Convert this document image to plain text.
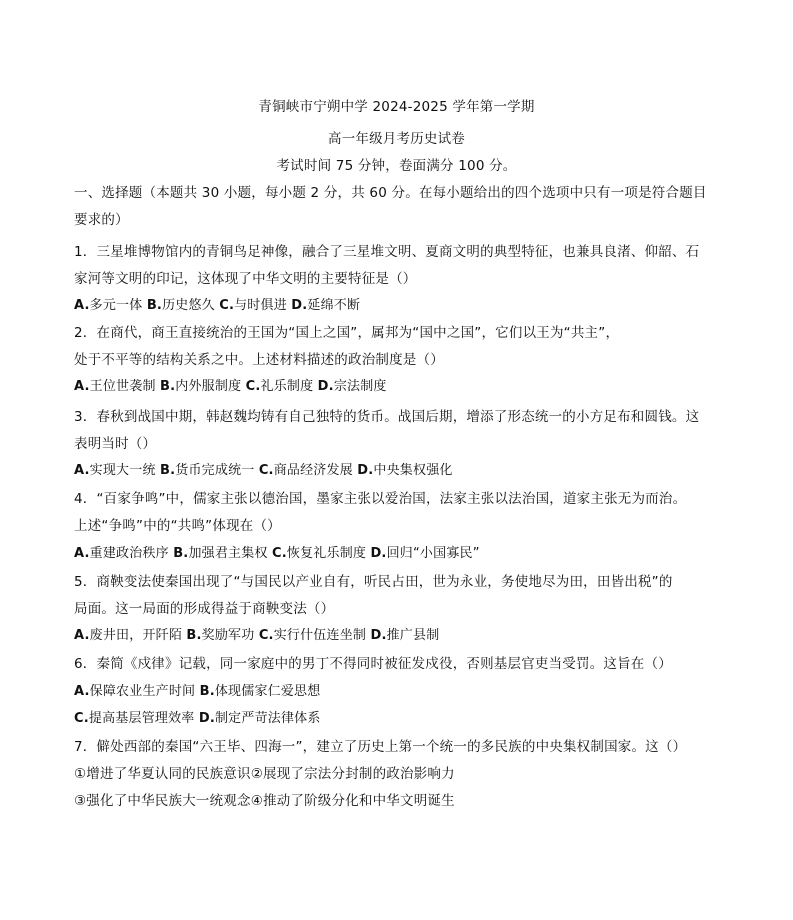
青铜峡市宁朔中学 2024-2025 学年第一学期
高一年级月考历史试卷
考试时间 75 分钟，卷面满分 100 分。
一、选择题（本题共 30 小题，每小题 2 分，共 60 分。在每小题给出的四个选项中只有一项是符合题目
要求的）
1．三星堆博物馆内的青铜鸟足神像，融合了三星堆文明、夏商文明的典型特征，也兼具良渚、仰韶、石
家河等文明的印记，这体现了中华文明的主要特征是（）
A.多元一体 B.历史悠久 C.与时俱进 D.延绵不断
2．在商代，商王直接统治的王国为“国上之国”，属邦为“国中之国”，它们以王为“共主”，
处于不平等的结构关系之中。上述材料描述的政治制度是（）
A.王位世袭制 B.内外服制度 C.礼乐制度 D.宗法制度
3．春秋到战国中期，韩赵魏均铸有自己独特的货币。战国后期，增添了形态统一的小方足布和圆钱。这
表明当时（）
A.实现大一统 B.货币完成统一 C.商品经济发展 D.中央集权强化
4．“百家争鸣”中，儒家主张以德治国，墨家主张以爱治国，法家主张以法治国，道家主张无为而治。
上述“争鸣”中的“共鸣”体现在（）
A.重建政治秩序 B.加强君主集权 C.恢复礼乐制度 D.回归“小国寡民”
5．商鞅变法使秦国出现了“与国民以产业自有，听民占田，世为永业，务使地尽为田，田皆出税”的
局面。这一局面的形成得益于商鞅变法（）
A.废井田，开阡陌 B.奖励军功 C.实行什伍连坐制 D.推广县制
6．秦简《戍律》记载，同一家庭中的男丁不得同时被征发戍役，否则基层官吏当受罚。这旨在（）
A.保障农业生产时间 B.体现儒家仁爱思想
C.提高基层管理效率 D.制定严苛法律体系
7．僻处西部的秦国“六王毕、四海一”，建立了历史上第一个统一的多民族的中央集权制国家。这（）
①增进了华夏认同的民族意识②展现了宗法分封制的政治影响力
③强化了中华民族大一统观念④推动了阶级分化和中华文明诞生
